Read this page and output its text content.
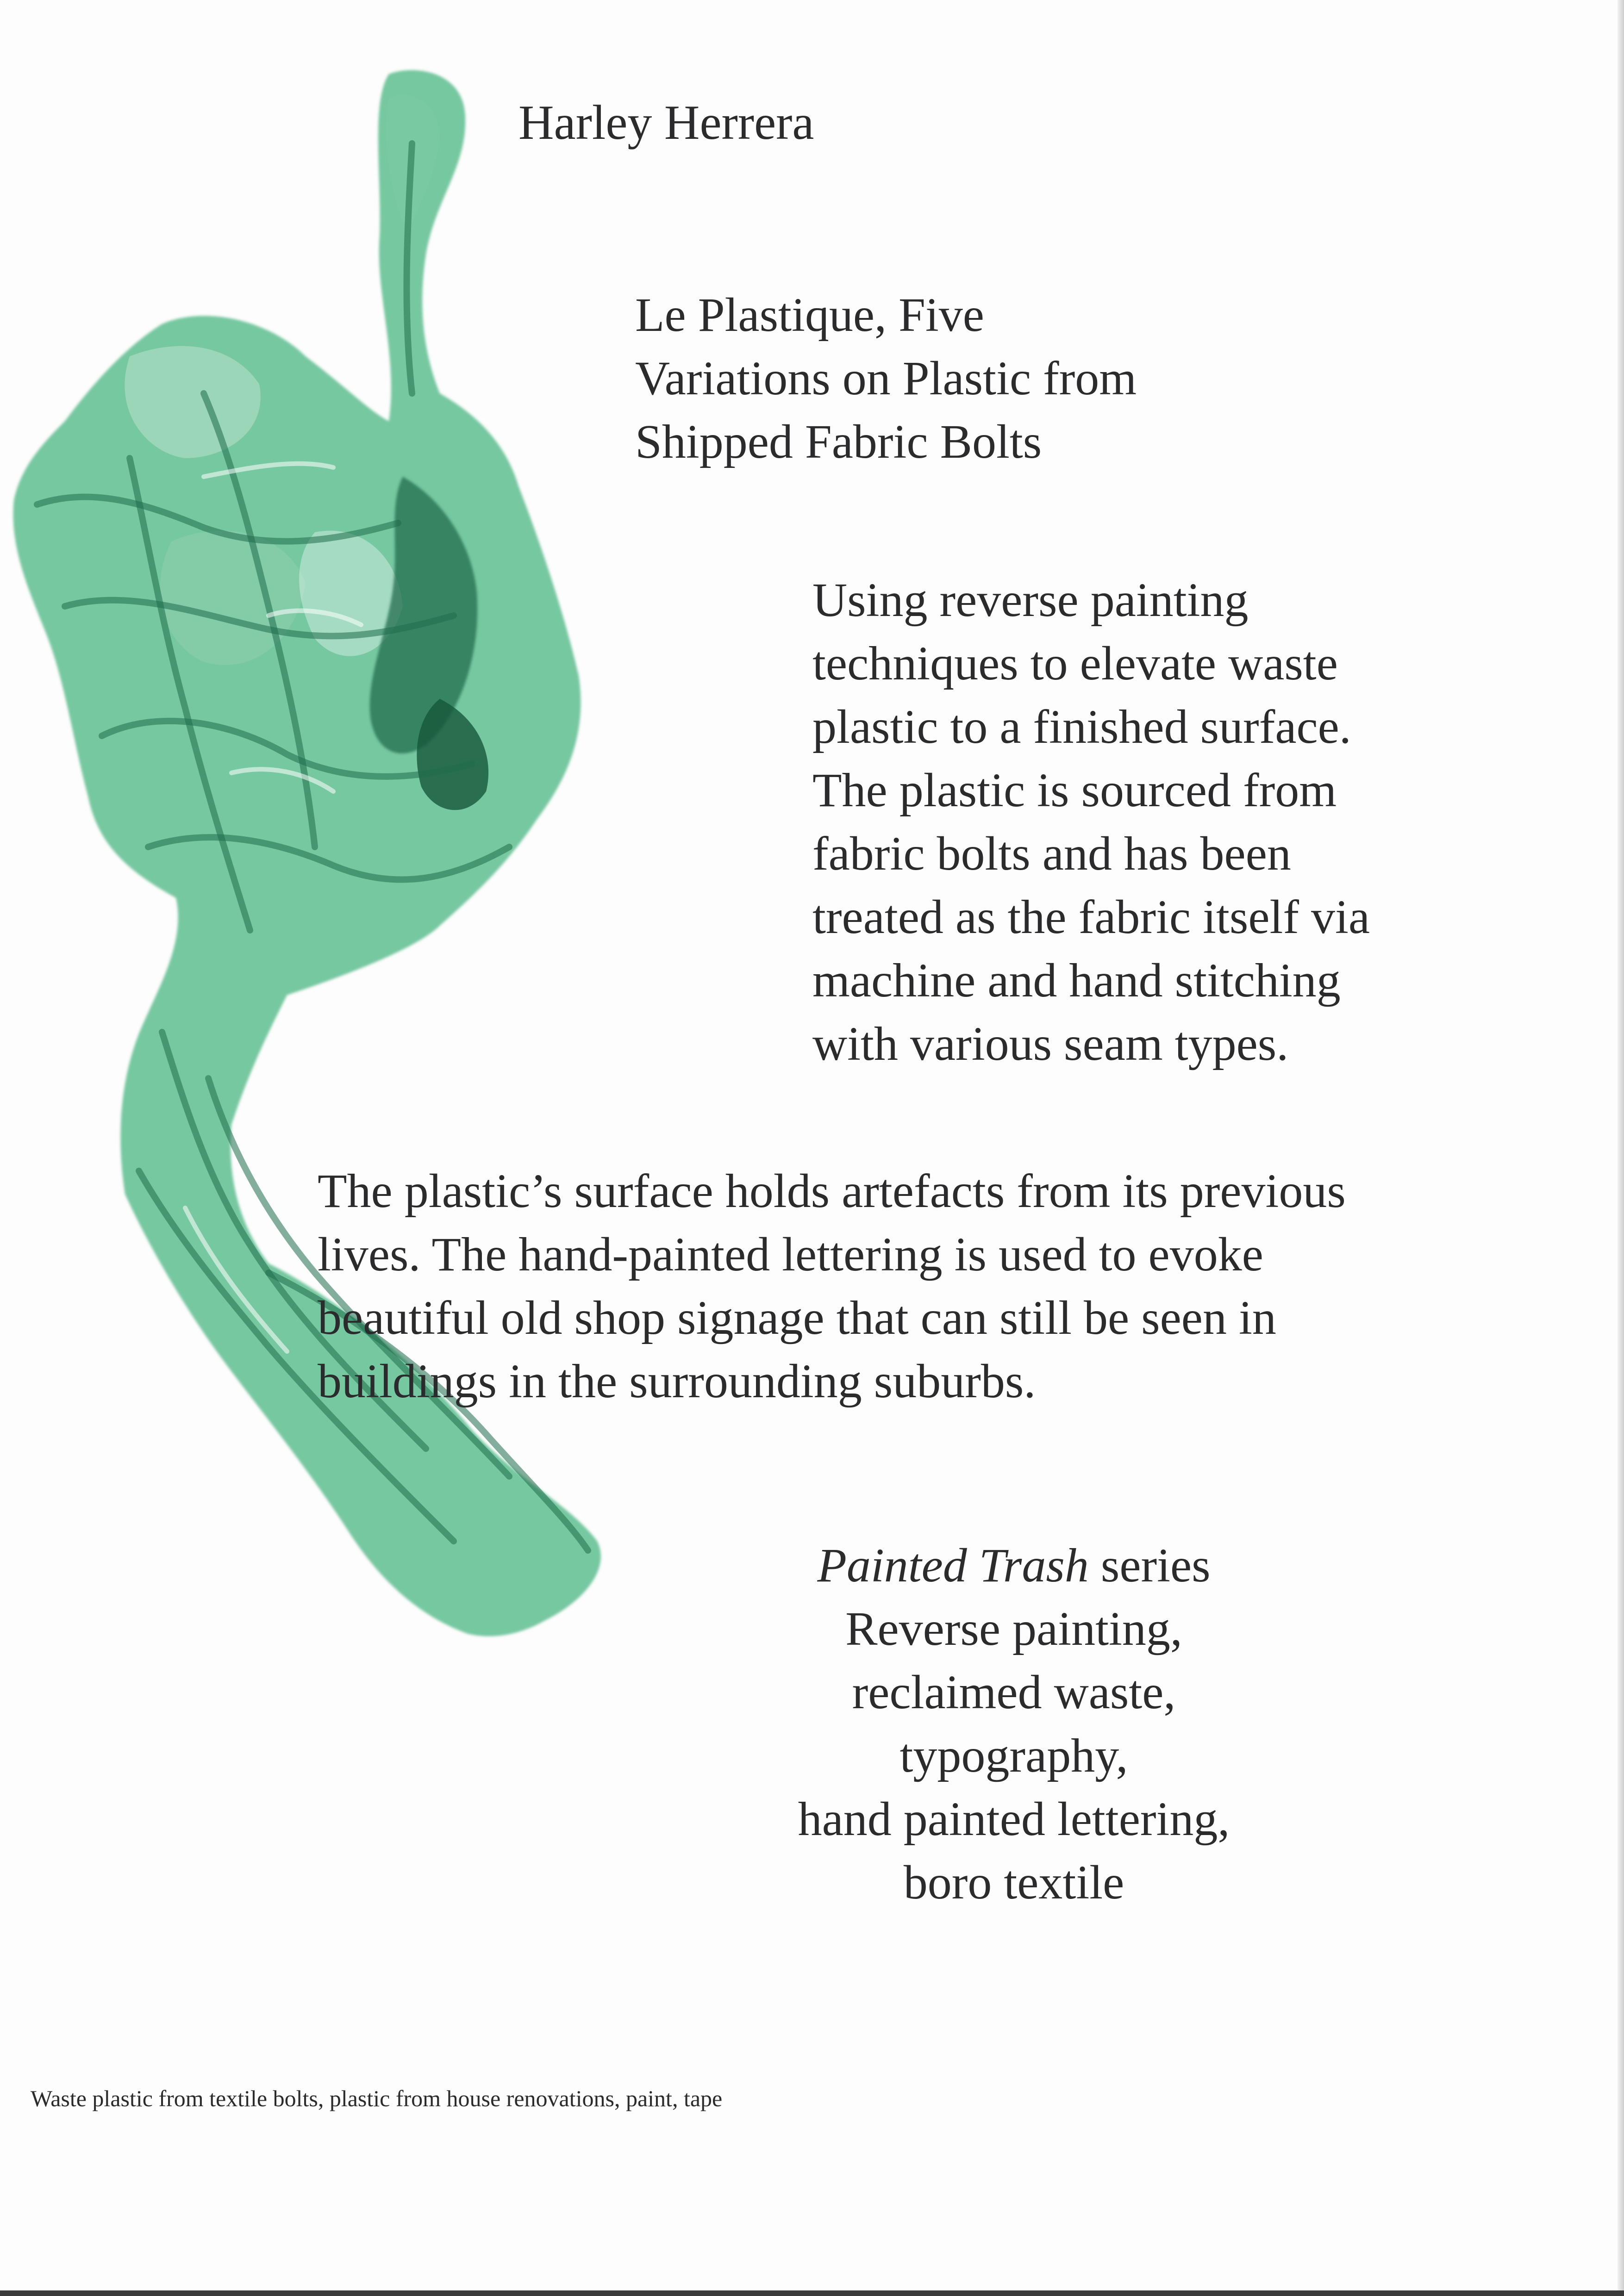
Harley Herrera

Le Plastique, Five
Variations on Plastic from
Shipped Fabric Bolts

Using reverse painting
techniques to elevate waste
plastic to a finished surface.
The plastic is sourced from
fabric bolts and has been
treated as the fabric itself via
machine and hand stitching
with various seam types.

The plastic’s surface holds artefacts from its previous
lives. The hand-painted lettering is used to evoke
beautiful old shop signage that can still be seen in
buildings in the surrounding suburbs.

Painted Trash series
Reverse painting,
reclaimed waste,
typography,
hand painted lettering,
boro textile

Waste plastic from textile bolts, plastic from house renovations, paint, tape
